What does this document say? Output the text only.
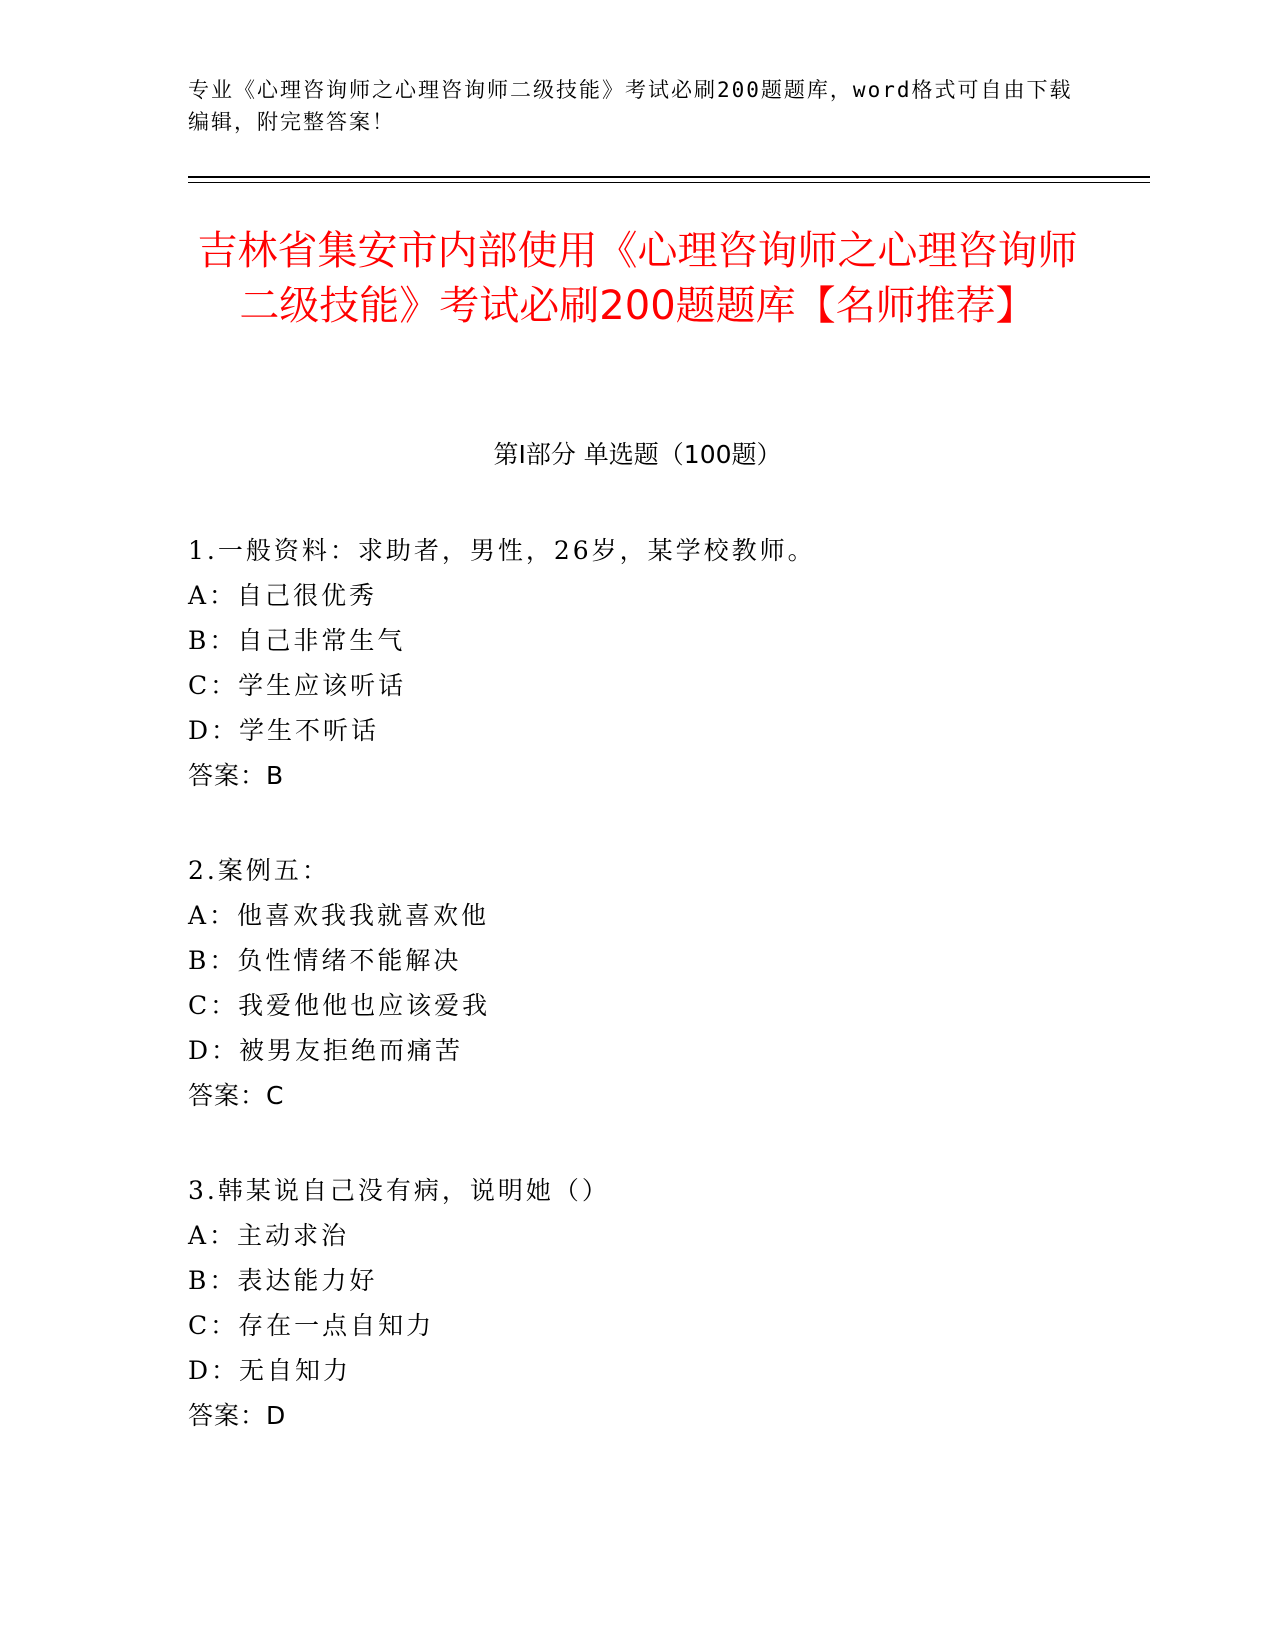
专业《心理咨询师之心理咨询师二级技能》考试必刷200题题库，word格式可自由下载编辑，附完整答案！
吉林省集安市内部使用《心理咨询师之心理咨询师二级技能》考试必刷200题题库【名师推荐】
第Ⅰ部分 单选题（100题）
1.一般资料：求助者，男性，26岁，某学校教师。
A：自己很优秀
B：自己非常生气
C：学生应该听话
D：学生不听话
答案：B
2.案例五：
A：他喜欢我我就喜欢他
B：负性情绪不能解决
C：我爱他他也应该爱我
D：被男友拒绝而痛苦
答案：C
3.韩某说自己没有病，说明她（）
A：主动求治
B：表达能力好
C：存在一点自知力
D：无自知力
答案：D
